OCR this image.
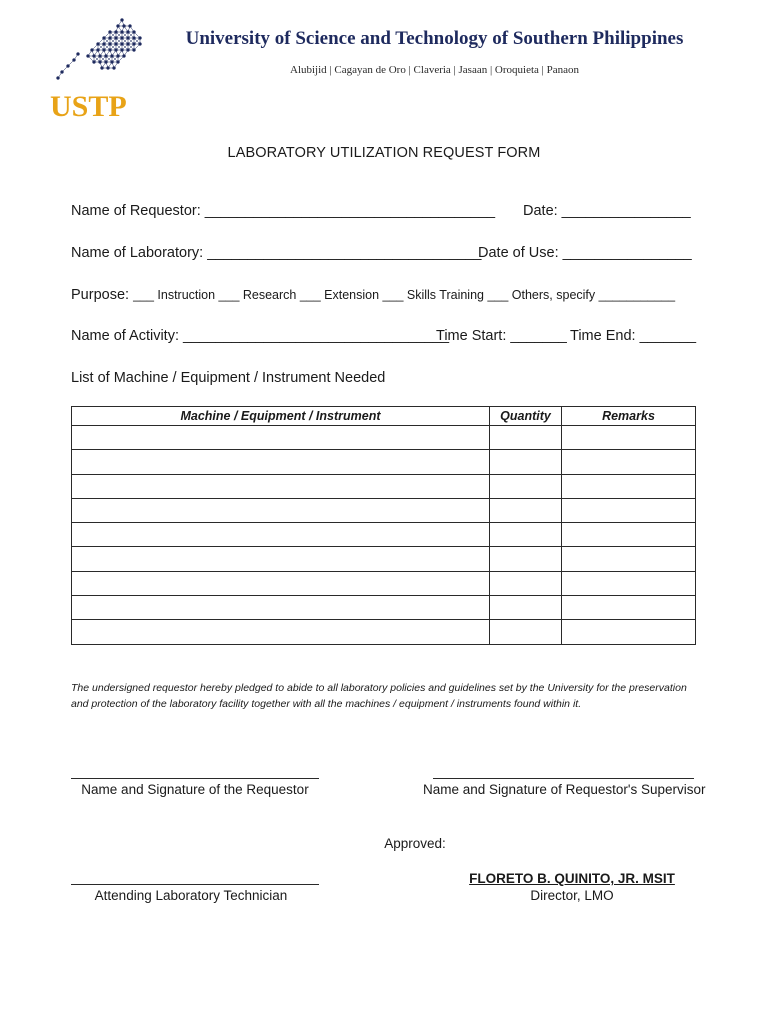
USTP
University of Science and Technology of Southern Philippines
Alubijid | Cagayan de Oro | Claveria | Jasaan | Oroquieta | Panaon
LABORATORY UTILIZATION REQUEST FORM
Name of Requestor: ____________________________________ Date: ________________
Name of Laboratory: __________________________________
Date of Use: ________________
Purpose: ___ Instruction ___ Research ___ Extension ___ Skills Training ___ Others, specify ___________
Name of Activity: _________________________________
Time Start: _______ Time End: _______
List of Machine / Equipment / Instrument Needed
Machine / Equipment / Instrument	Quantity	Remarks

The undersigned requestor hereby pledged to abide to all laboratory policies and guidelines set by the University for the preservation and protection of the laboratory facility together with all the machines / equipment / instruments found within it.
Name and Signature of the Requestor	Name and Signature of Requestor's Supervisor
Approved:
Attending Laboratory Technician
FLORETO B. QUINITO, JR. MSIT
Director, LMO
